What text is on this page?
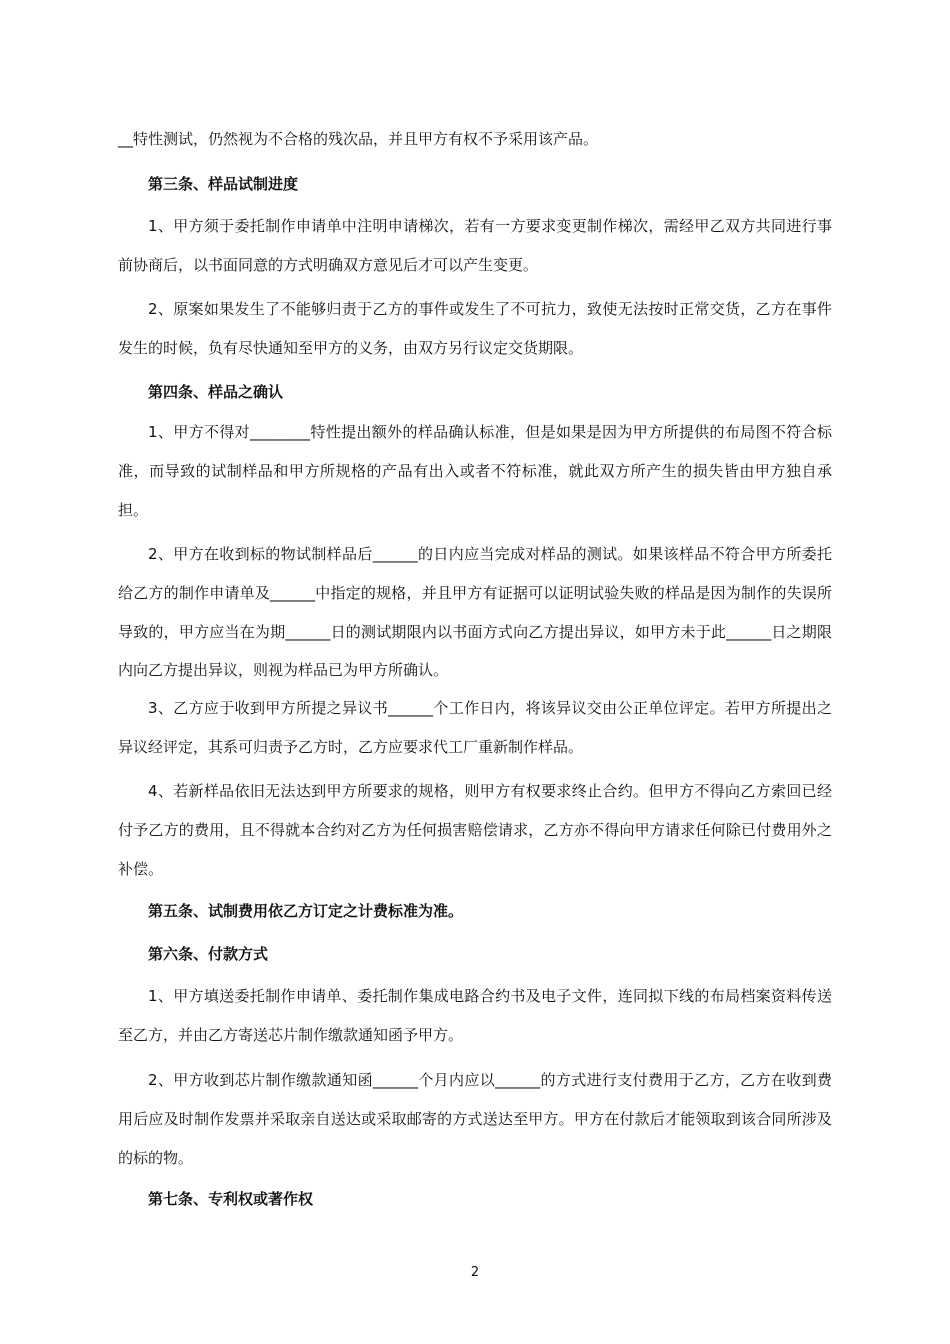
__特性测试，仍然视为不合格的残次品，并且甲方有权不予采用该产品。

第三条、样品试制进度

1、甲方须于委托制作申请单中注明申请梯次，若有一方要求变更制作梯次，需经甲乙双方共同进行事前协商后，以书面同意的方式明确双方意见后才可以产生变更。

2、原案如果发生了不能够归责于乙方的事件或发生了不可抗力，致使无法按时正常交货，乙方在事件发生的时候，负有尽快通知至甲方的义务，由双方另行议定交货期限。

第四条、样品之确认

1、甲方不得对________特性提出额外的样品确认标准，但是如果是因为甲方所提供的布局图不符合标准，而导致的试制样品和甲方所规格的产品有出入或者不符标准，就此双方所产生的损失皆由甲方独自承担。

2、甲方在收到标的物试制样品后______的日内应当完成对样品的测试。如果该样品不符合甲方所委托给乙方的制作申请单及______中指定的规格，并且甲方有证据可以证明试验失败的样品是因为制作的失误所导致的，甲方应当在为期______日的测试期限内以书面方式向乙方提出异议，如甲方未于此______日之期限内向乙方提出异议，则视为样品已为甲方所确认。

3、乙方应于收到甲方所提之异议书______个工作日内，将该异议交由公正单位评定。若甲方所提出之异议经评定，其系可归责予乙方时，乙方应要求代工厂重新制作样品。

4、若新样品依旧无法达到甲方所要求的规格，则甲方有权要求终止合约。但甲方不得向乙方索回已经付予乙方的费用，且不得就本合约对乙方为任何损害赔偿请求，乙方亦不得向甲方请求任何除已付费用外之补偿。

第五条、试制费用依乙方订定之计费标准为准。

第六条、付款方式

1、甲方填送委托制作申请单、委托制作集成电路合约书及电子文件，连同拟下线的布局档案资料传送至乙方，并由乙方寄送芯片制作缴款通知函予甲方。

2、甲方收到芯片制作缴款通知函______个月内应以______的方式进行支付费用于乙方，乙方在收到费用后应及时制作发票并采取亲自送达或采取邮寄的方式送达至甲方。甲方在付款后才能领取到该合同所涉及的标的物。

第七条、专利权或著作权

2
